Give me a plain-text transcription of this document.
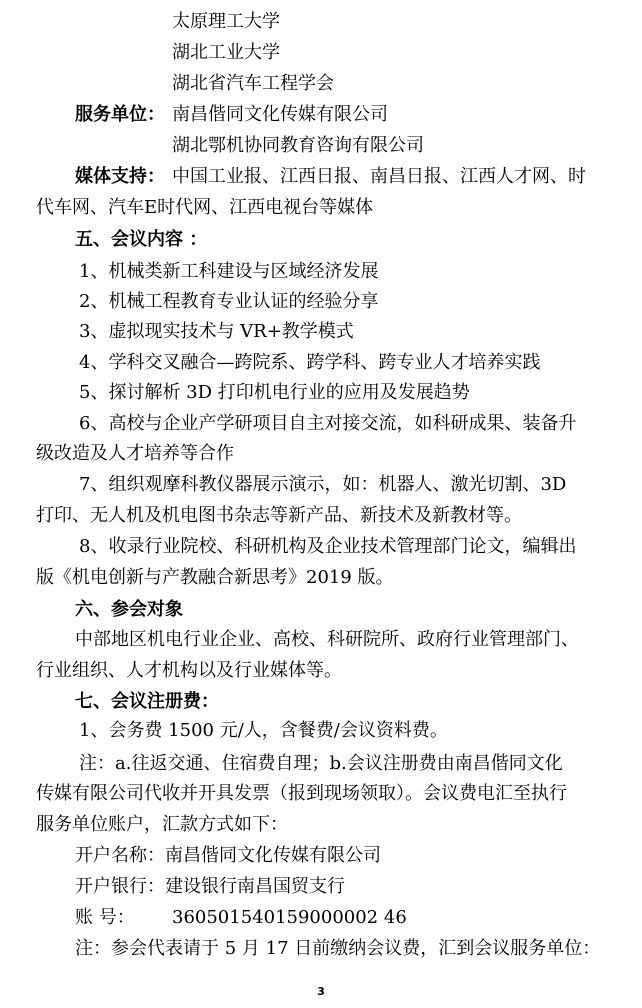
太原理工大学
湖北工业大学
湖北省汽车工程学会
服务单位： 南昌偕同文化传媒有限公司
湖北鄂机协同教育咨询有限公司
媒体支持： 中国工业报、江西日报、南昌日报、江西人才网、时
代车网、汽车E时代网、江西电视台等媒体
五、会议内容 ：
1、机械类新工科建设与区域经济发展
2、机械工程教育专业认证的经验分享
3、虚拟现实技术与 VR+教学模式
4、学科交叉融合—跨院系、跨学科、跨专业人才培养实践
5、探讨解析 3D 打印机电行业的应用及发展趋势
6、高校与企业产学研项目自主对接交流，如科研成果、装备升
级改造及人才培养等合作
7、组织观摩科教仪器展示演示，如：机器人、激光切割、3D
打印、无人机及机电图书杂志等新产品、新技术及新教材等。
8、收录行业院校、科研机构及企业技术管理部门论文，编辑出
版《机电创新与产教融合新思考》2019 版。
六、参会对象
中部地区机电行业企业、高校、科研院所、政府行业管理部门、
行业组织、人才机构以及行业媒体等。
七、会议注册费：
1、会务费 1500 元/人，含餐费/会议资料费。
注：a.往返交通、住宿费自理；b.会议注册费由南昌偕同文化
传媒有限公司代收并开具发票（报到现场领取）。会议费电汇至执行
服务单位账户，汇款方式如下：
开户名称：南昌偕同文化传媒有限公司
开户银行：建设银行南昌国贸支行
账 号： 360501540159000002 46
注：参会代表请于 5 月 17 日前缴纳会议费，汇到会议服务单位：
3
